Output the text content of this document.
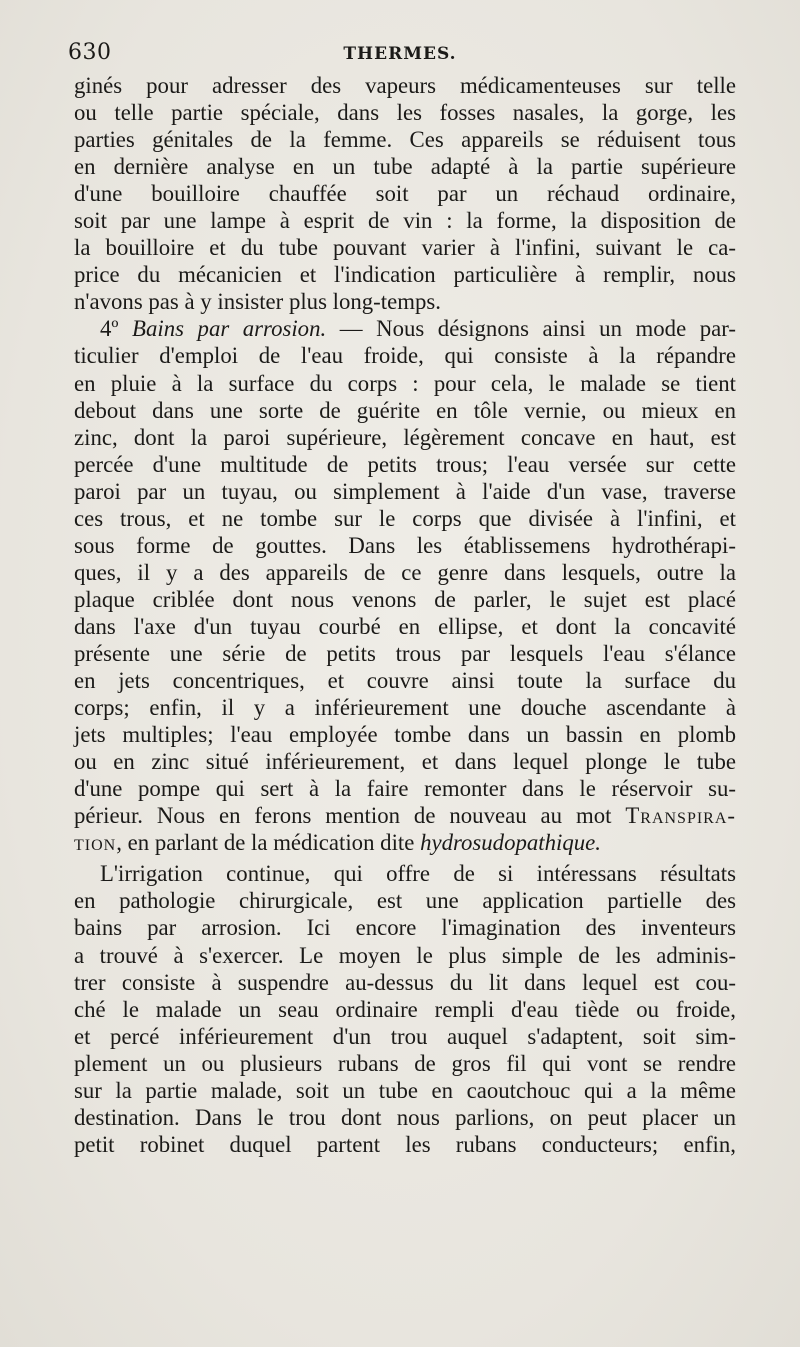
630	THERMES.
ginés pour adresser des vapeurs médicamenteuses sur telle
ou telle partie spéciale, dans les fosses nasales, la gorge, les
parties génitales de la femme. Ces appareils se réduisent tous
en dernière analyse en un tube adapté à la partie supérieure
d'une bouilloire chauffée soit par un réchaud ordinaire,
soit par une lampe à esprit de vin : la forme, la disposition de
la bouilloire et du tube pouvant varier à l'infini, suivant le ca-
price du mécanicien et l'indication particulière à remplir, nous
n'avons pas à y insister plus long-temps.
4º Bains par arrosion. — Nous désignons ainsi un mode par-
ticulier d'emploi de l'eau froide, qui consiste à la répandre
en pluie à la surface du corps : pour cela, le malade se tient
debout dans une sorte de guérite en tôle vernie, ou mieux en
zinc, dont la paroi supérieure, légèrement concave en haut, est
percée d'une multitude de petits trous; l'eau versée sur cette
paroi par un tuyau, ou simplement à l'aide d'un vase, traverse
ces trous, et ne tombe sur le corps que divisée à l'infini, et
sous forme de gouttes. Dans les établissemens hydrothérapi-
ques, il y a des appareils de ce genre dans lesquels, outre la
plaque criblée dont nous venons de parler, le sujet est placé
dans l'axe d'un tuyau courbé en ellipse, et dont la concavité
présente une série de petits trous par lesquels l'eau s'élance
en jets concentriques, et couvre ainsi toute la surface du
corps; enfin, il y a inférieurement une douche ascendante à
jets multiples; l'eau employée tombe dans un bassin en plomb
ou en zinc situé inférieurement, et dans lequel plonge le tube
d'une pompe qui sert à la faire remonter dans le réservoir su-
périeur. Nous en ferons mention de nouveau au mot Transpira-
tion, en parlant de la médication dite hydrosudopathique.
L'irrigation continue, qui offre de si intéressans résultats
en pathologie chirurgicale, est une application partielle des
bains par arrosion. Ici encore l'imagination des inventeurs
a trouvé à s'exercer. Le moyen le plus simple de les adminis-
trer consiste à suspendre au-dessus du lit dans lequel est cou-
ché le malade un seau ordinaire rempli d'eau tiède ou froide,
et percé inférieurement d'un trou auquel s'adaptent, soit sim-
plement un ou plusieurs rubans de gros fil qui vont se rendre
sur la partie malade, soit un tube en caoutchouc qui a la même
destination. Dans le trou dont nous parlions, on peut placer un
petit robinet duquel partent les rubans conducteurs; enfin,
